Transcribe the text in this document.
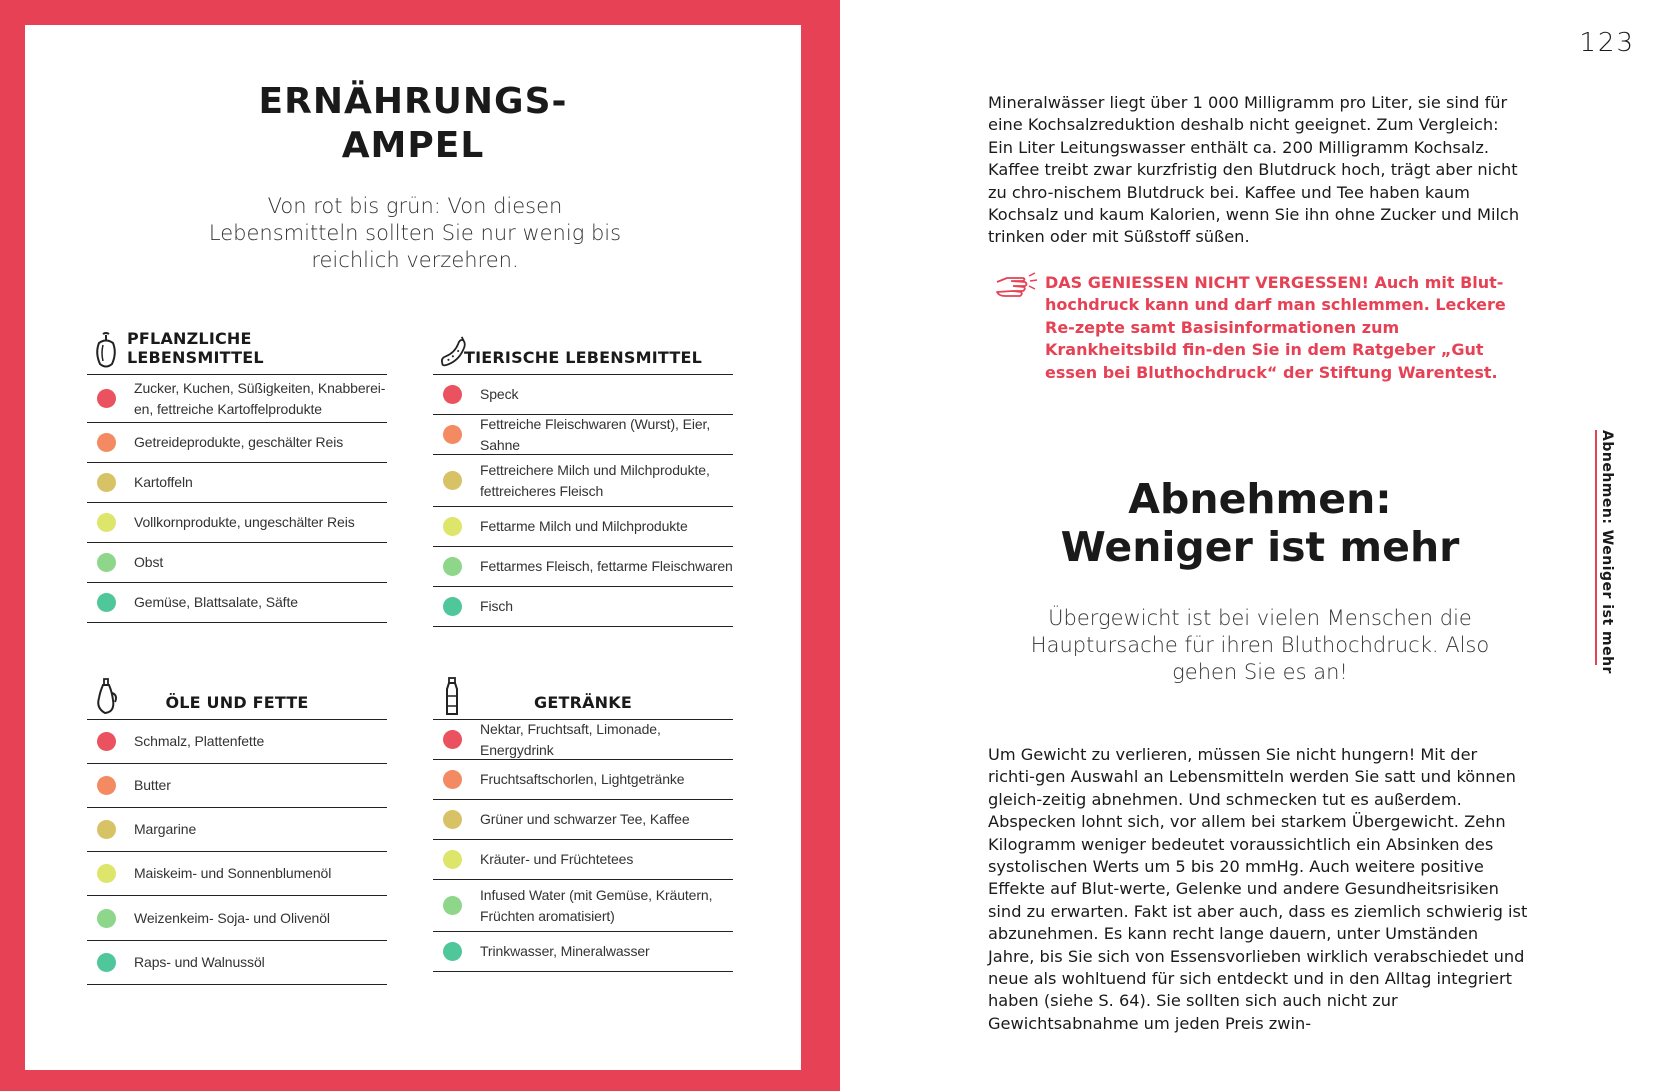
ERNÄHRUNGS-
AMPEL

Von rot bis grün: Von diesen Lebensmitteln sollten Sie nur wenig bis reichlich verzehren.

PFLANZLICHE LEBENSMITTEL
Zucker, Kuchen, Süßigkeiten, Knabberei-
en, fettreiche Kartoffelprodukte
Getreideprodukte, geschälter Reis
Kartoffeln
Vollkornprodukte, ungeschälter Reis
Obst
Gemüse, Blattsalate, Säfte
TIERISCHE LEBENSMITTEL
Speck
Fettreiche Fleischwaren (Wurst), Eier, Sahne
Fettreichere Milch und Milchprodukte,
fettreicheres Fleisch
Fettarme Milch und Milchprodukte
Fettarmes Fleisch, fettarme Fleischwaren
Fisch
ÖLE UND FETTE
Schmalz, Plattenfette
Butter
Margarine
Maiskeim- und Sonnenblumenöl
Weizenkeim- Soja- und Olivenöl
Raps- und Walnussöl
GETRÄNKE
Nektar, Fruchtsaft, Limonade, Energydrink
Fruchtsaftschorlen, Lightgetränke
Grüner und schwarzer Tee, Kaffee
Kräuter- und Früchtetees
Infused Water (mit Gemüse, Kräutern,
Früchten aromatisiert)
Trinkwasser, Mineralwasser
123

Mineralwässer liegt über 1 000 Milligramm pro Liter, sie sind für eine Kochsalzreduktion deshalb nicht geeignet. Zum Vergleich: Ein Liter Leitungswasser enthält ca. 200 Milligramm Kochsalz. Kaffee treibt zwar kurzfristig den Blutdruck hoch, trägt aber nicht zu chro-nischem Blutdruck bei. Kaffee und Tee haben kaum Kochsalz und kaum Kalorien, wenn Sie ihn ohne Zucker und Milch trinken oder mit Süßstoff süßen.

DAS GENIESSEN NICHT VERGESSEN! Auch mit Blut-hochdruck kann und darf man schlemmen. Leckere Re-zepte samt Basisinformationen zum Krankheitsbild fin-den Sie in dem Ratgeber „Gut essen bei Bluthochdruck“ der Stiftung Warentest.

Abnehmen:
Weniger ist mehr

Übergewicht ist bei vielen Menschen die Hauptursache für ihren Bluthochdruck. Also gehen Sie es an!

Um Gewicht zu verlieren, müssen Sie nicht hungern! Mit der richti-gen Auswahl an Lebensmitteln werden Sie satt und können gleich-zeitig abnehmen. Und schmecken tut es außerdem. Abspecken lohnt sich, vor allem bei starkem Übergewicht. Zehn Kilogramm weniger bedeutet voraussichtlich ein Absinken des systolischen Werts um 5 bis 20 mmHg. Auch weitere positive Effekte auf Blut-werte, Gelenke und andere Gesundheitsrisiken sind zu erwarten. Fakt ist aber auch, dass es ziemlich schwierig ist abzunehmen. Es kann recht lange dauern, unter Umständen Jahre, bis Sie sich von Essensvorlieben wirklich verabschiedet und neue als wohltuend für sich entdeckt und in den Alltag integriert haben (siehe S. 64). Sie sollten sich auch nicht zur Gewichtsabnahme um jeden Preis zwin-

Abnehmen: Weniger ist mehr
